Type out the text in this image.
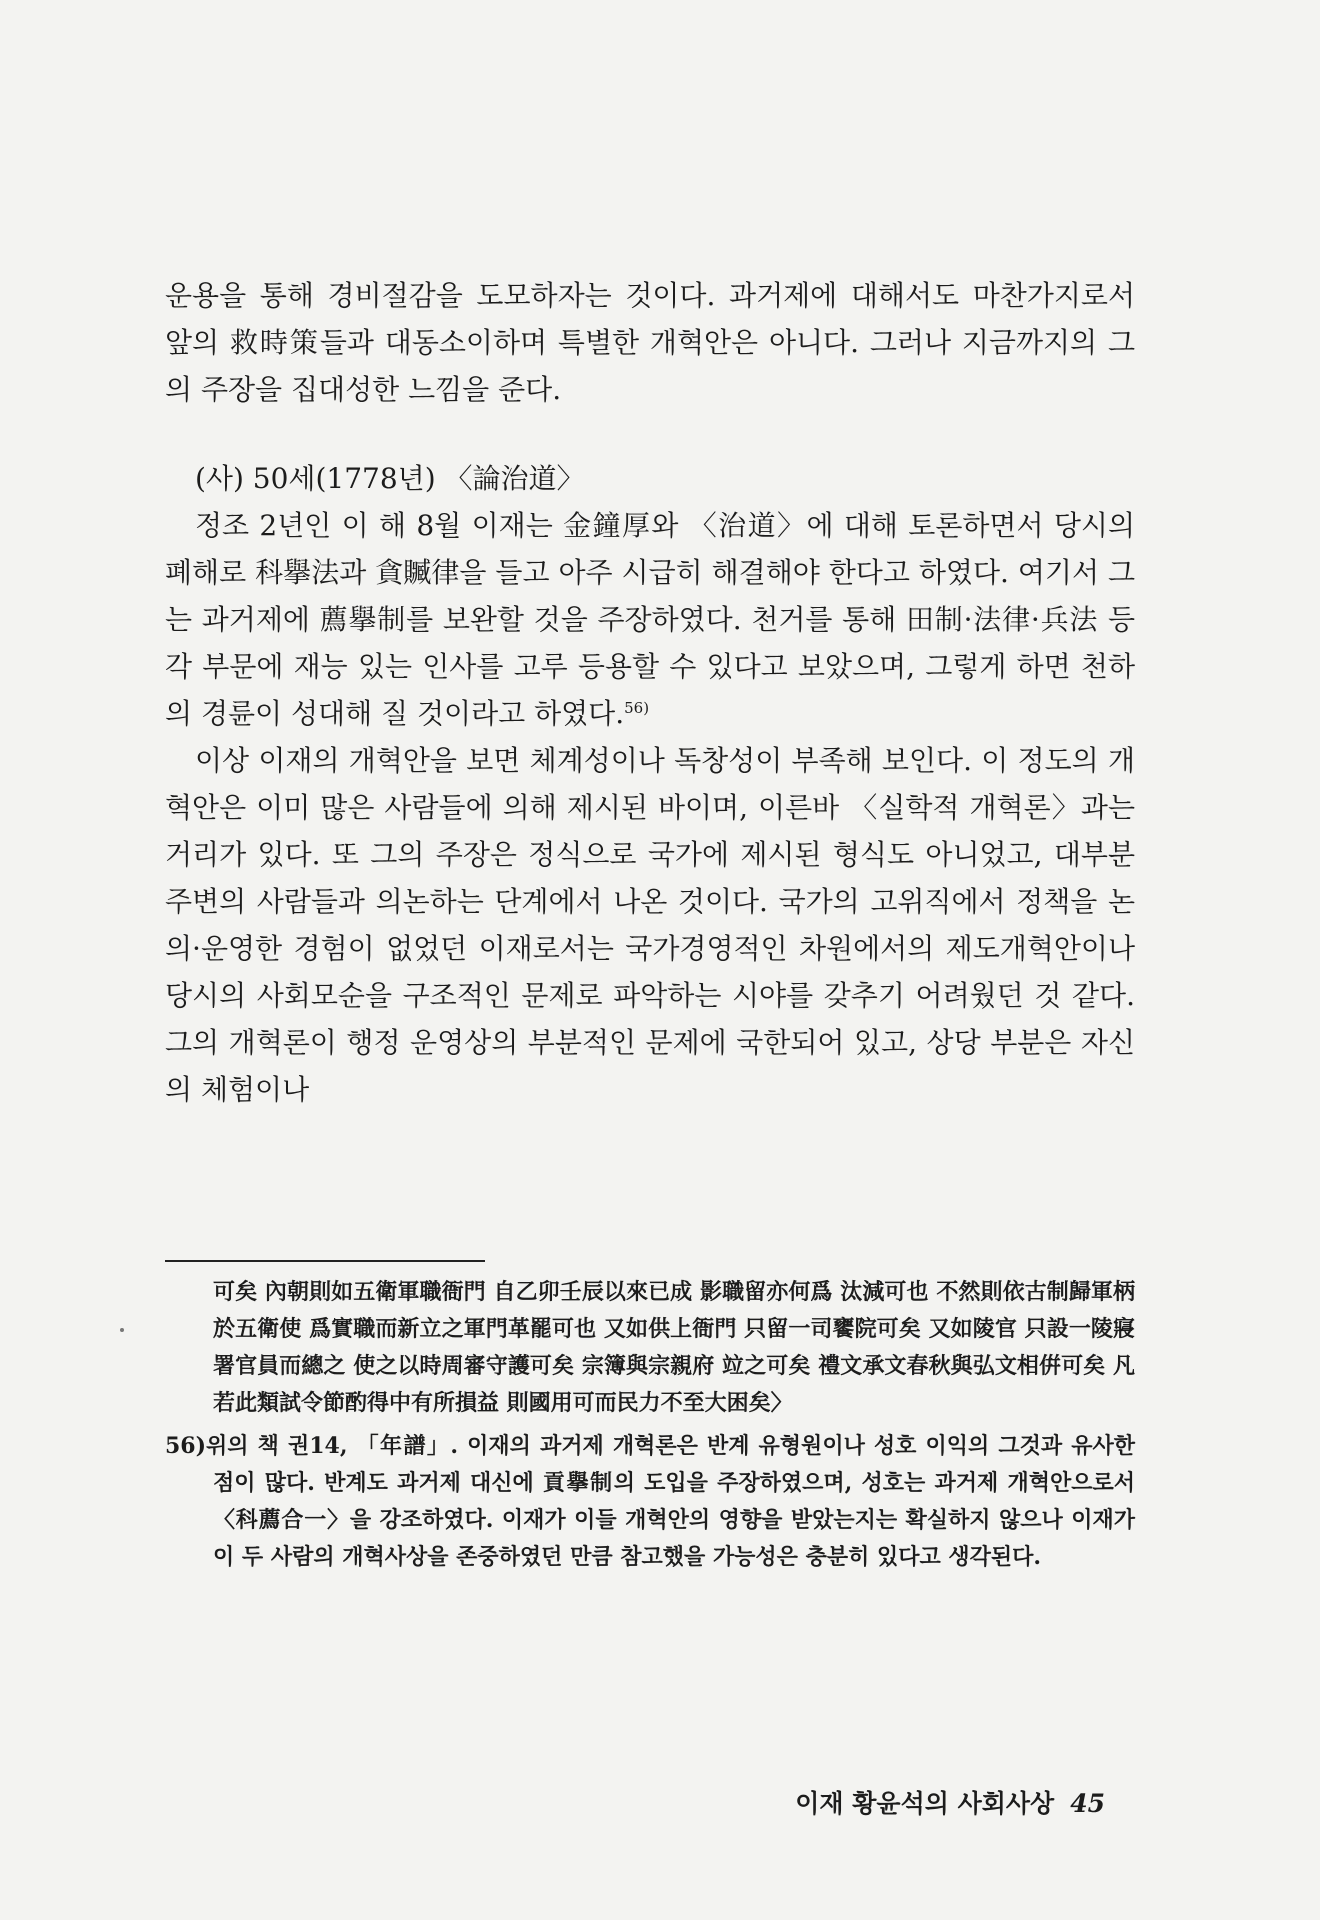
운용을 통해 경비절감을 도모하자는 것이다. 과거제에 대해서도 마찬가지로서 앞의 救時策들과 대동소이하며 특별한 개혁안은 아니다. 그러나 지금까지의 그의 주장을 집대성한 느낌을 준다.

(사) 50세(1778년) 〈論治道〉

정조 2년인 이 해 8월 이재는 金鐘厚와 〈治道〉에 대해 토론하면서 당시의 폐해로 科擧法과 貪贓律을 들고 아주 시급히 해결해야 한다고 하였다. 여기서 그는 과거제에 薦擧制를 보완할 것을 주장하였다. 천거를 통해 田制·法律·兵法 등 각 부문에 재능 있는 인사를 고루 등용할 수 있다고 보았으며, 그렇게 하면 천하의 경륜이 성대해 질 것이라고 하였다.$^{56)}$

이상 이재의 개혁안을 보면 체계성이나 독창성이 부족해 보인다. 이 정도의 개혁안은 이미 많은 사람들에 의해 제시된 바이며, 이른바 〈실학적 개혁론〉과는 거리가 있다. 또 그의 주장은 정식으로 국가에 제시된 형식도 아니었고, 대부분 주변의 사람들과 의논하는 단계에서 나온 것이다. 국가의 고위직에서 정책을 논의·운영한 경험이 없었던 이재로서는 국가경영적인 차원에서의 제도개혁안이나 당시의 사회모순을 구조적인 문제로 파악하는 시야를 갖추기 어려웠던 것 같다. 그의 개혁론이 행정 운영상의 부분적인 문제에 국한되어 있고, 상당 부분은 자신의 체험이나

可矣 內朝則如五衛軍職衙門 自乙卯壬辰以來已成 影職留亦何爲 汰減可也 不然則依古制歸軍柄於五衛使 爲實職而新立之軍門革罷可也 又如供上衙門 只留一司饔院可矣 又如陵官 只設一陵寢署官員而總之 使之以時周審守護可矣 宗簿與宗親府 竝之可矣 禮文承文春秋與弘文相倂可矣 凡若此類試令節酌得中有所損益 則國用可而民力不至大困矣〉

56)위의 책 권14, 「年譜」. 이재의 과거제 개혁론은 반계 유형원이나 성호 이익의 그것과 유사한 점이 많다. 반계도 과거제 대신에 貢擧制의 도입을 주장하였으며, 성호는 과거제 개혁안으로서 〈科薦合一〉을 강조하였다. 이재가 이들 개혁안의 영향을 받았는지는 확실하지 않으나 이재가 이 두 사람의 개혁사상을 존중하였던 만큼 참고했을 가능성은 충분히 있다고 생각된다.

이재 황윤석의 사회사상 45
